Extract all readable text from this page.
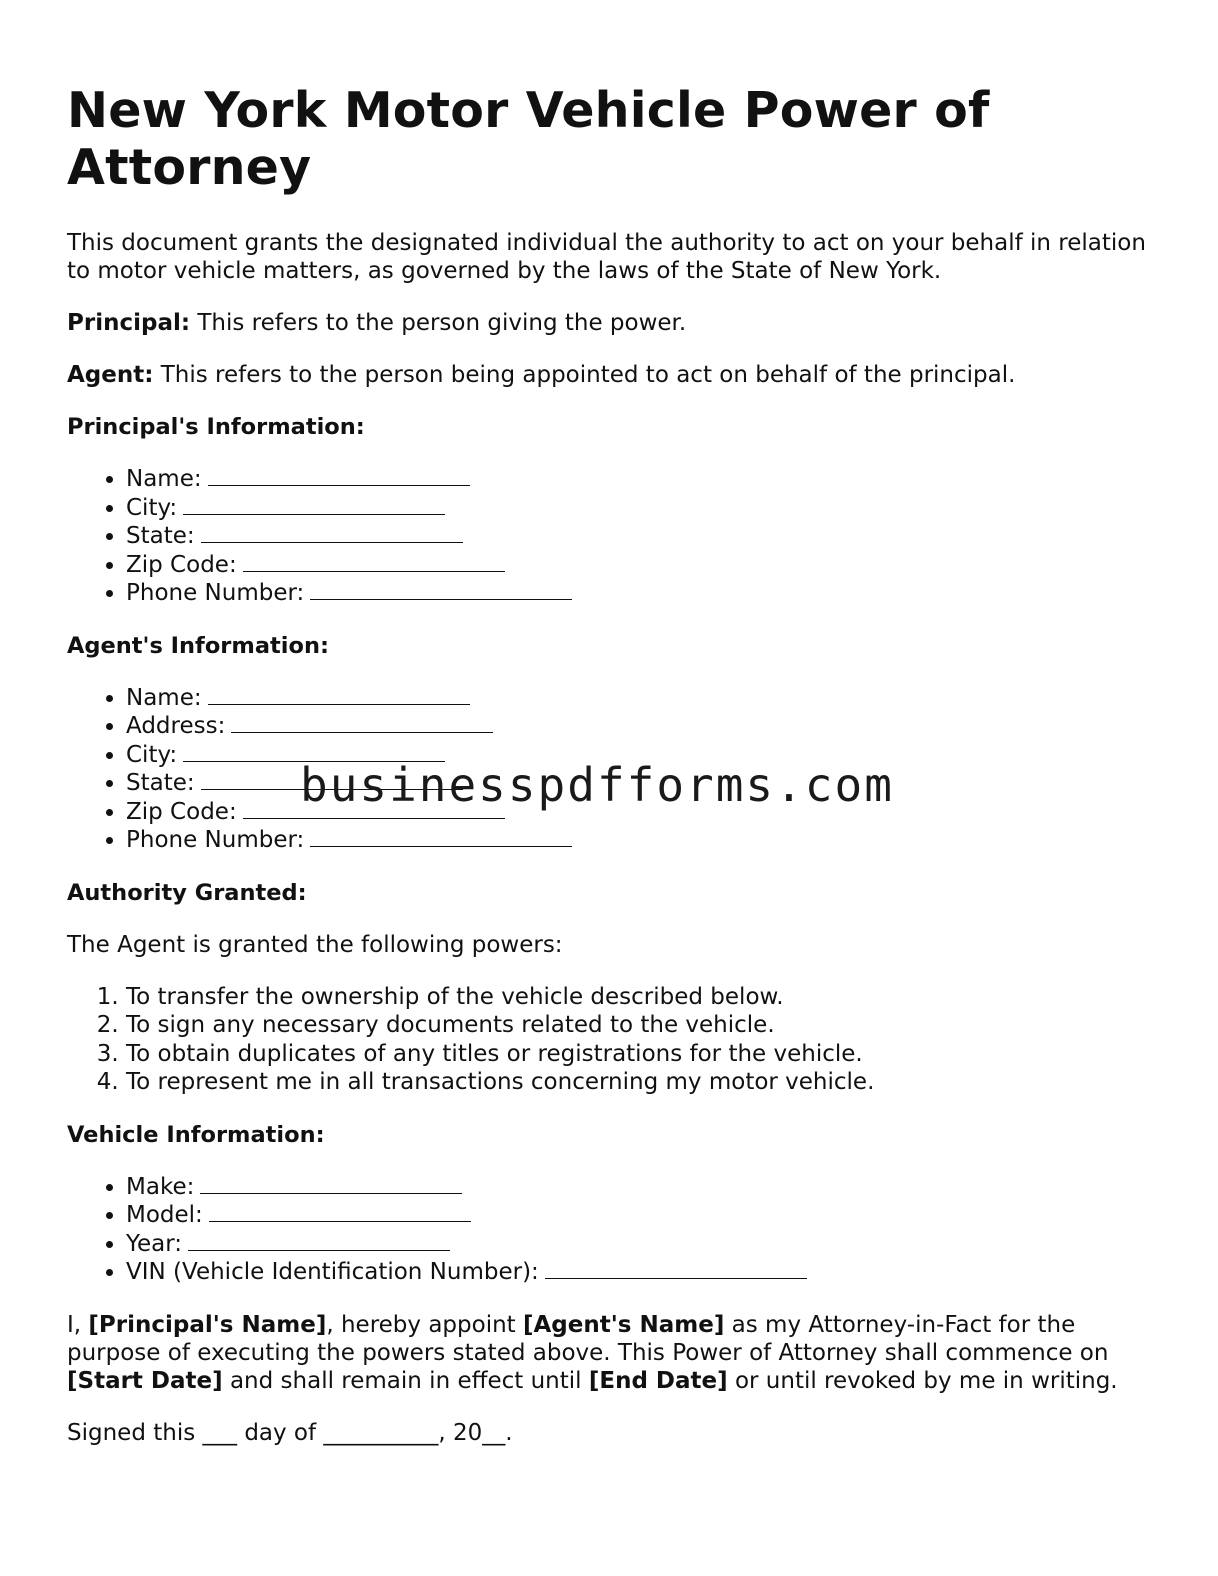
New York Motor Vehicle Power of Attorney

This document grants the designated individual the authority to act on your behalf in relation to motor vehicle matters, as governed by the laws of the State of New York.

Principal: This refers to the person giving the power.

Agent: This refers to the person being appointed to act on behalf of the principal.

Principal's Information:

• Name:
• City:
• State:
• Zip Code:
• Phone Number:

Agent's Information:

• Name:
• Address:
• City:
• State:
• Zip Code:
• Phone Number:

Authority Granted:

The Agent is granted the following powers:

1. To transfer the ownership of the vehicle described below.
2. To sign any necessary documents related to the vehicle.
3. To obtain duplicates of any titles or registrations for the vehicle.
4. To represent me in all transactions concerning my motor vehicle.

Vehicle Information:

• Make:
• Model:
• Year:
• VIN (Vehicle Identification Number):

I, [Principal's Name], hereby appoint [Agent's Name] as my Attorney-in-Fact for the purpose of executing the powers stated above. This Power of Attorney shall commence on [Start Date] and shall remain in effect until [End Date] or until revoked by me in writing.

Signed this ___ day of __________, 20__.

businesspdfforms.com
